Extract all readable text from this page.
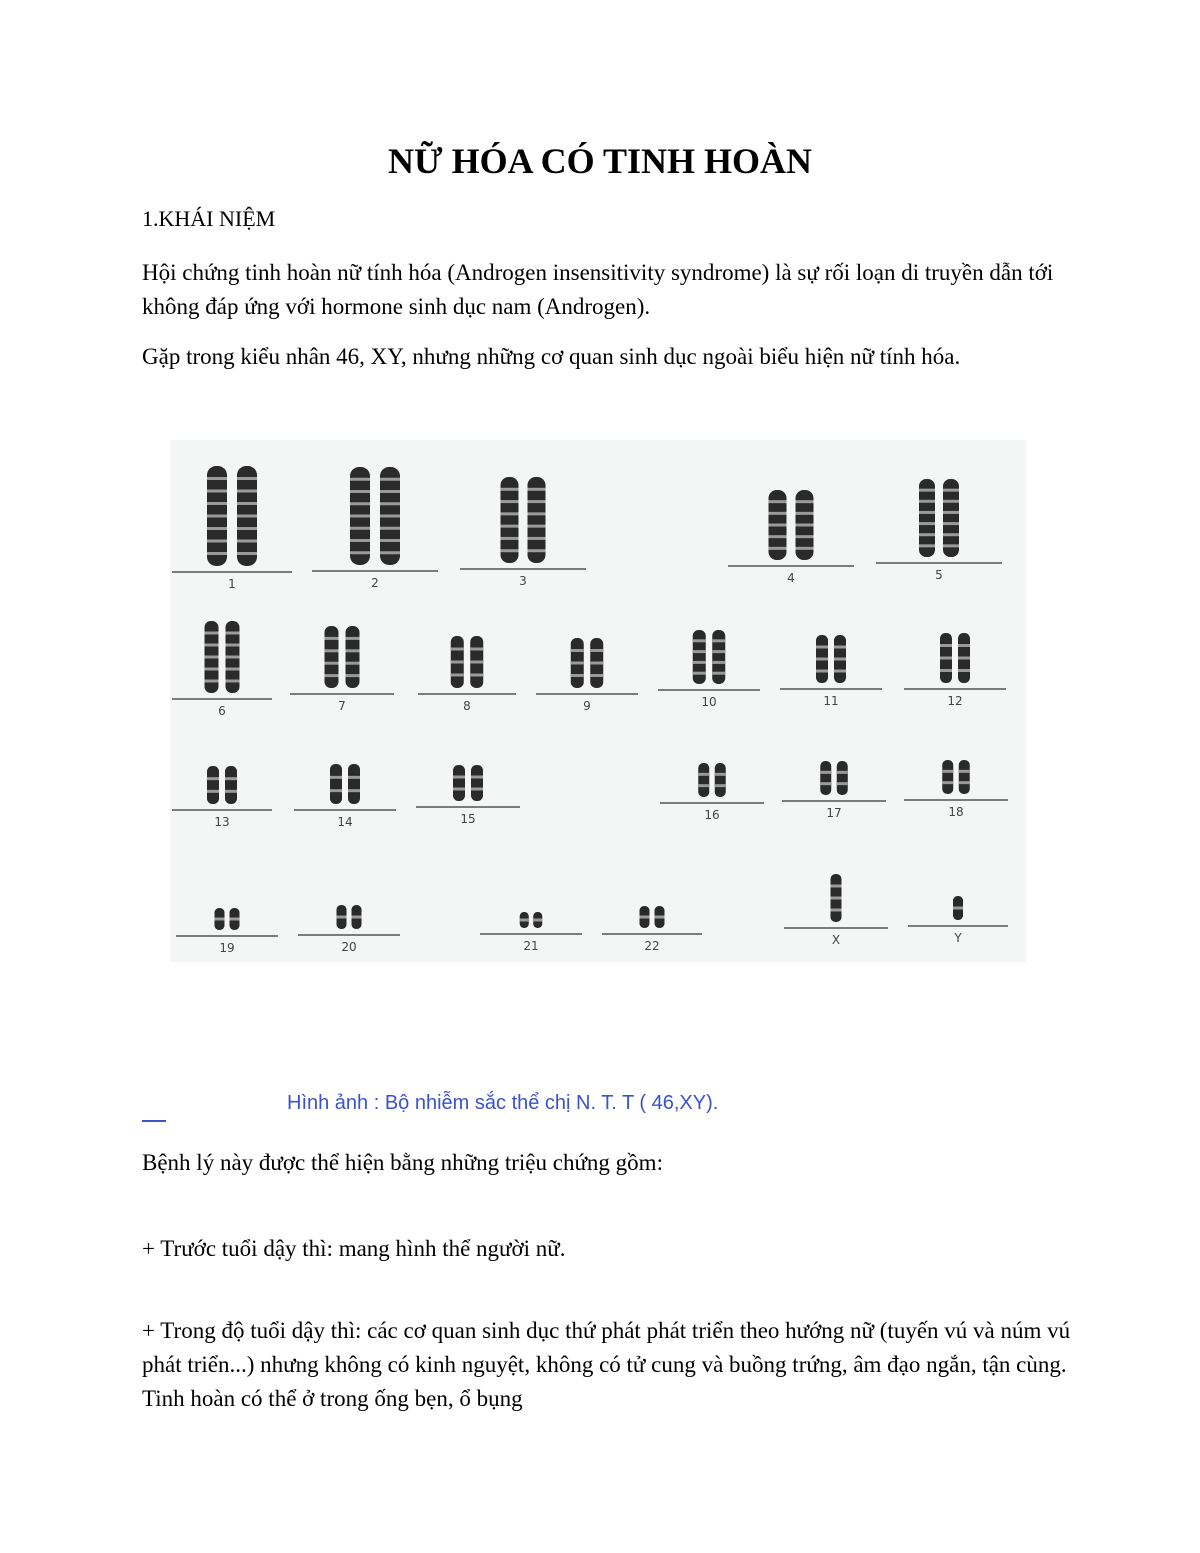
NỮ HÓA CÓ TINH HOÀN
1.KHÁI NIỆM
Hội chứng tinh hoàn nữ tính hóa (Androgen insensitivity syndrome) là sự rối loạn di truyền dẫn tới không đáp ứng với hormone sinh dục nam (Androgen).
Gặp trong kiểu nhân 46, XY, nhưng những cơ quan sinh dục ngoài biểu hiện nữ tính hóa.
1	2	3	4	5
6	7	8	9	10	11	12
13	14	15	16	17	18
19	20	21	22	X	Y
Hình ảnh : Bộ nhiễm sắc thể chị N. T. T ( 46,XY).
Bệnh lý này được thể hiện bằng những triệu chứng gồm:
+ Trước tuổi dậy thì: mang hình thể người nữ.
+ Trong độ tuổi dậy thì: các cơ quan sinh dục thứ phát phát triển theo hướng nữ (tuyến vú và núm vú phát triển...) nhưng không có kinh nguyệt, không có tử cung và buồng trứng, âm đạo ngắn, tận cùng. Tinh hoàn có thể ở trong ống bẹn, ổ bụng
